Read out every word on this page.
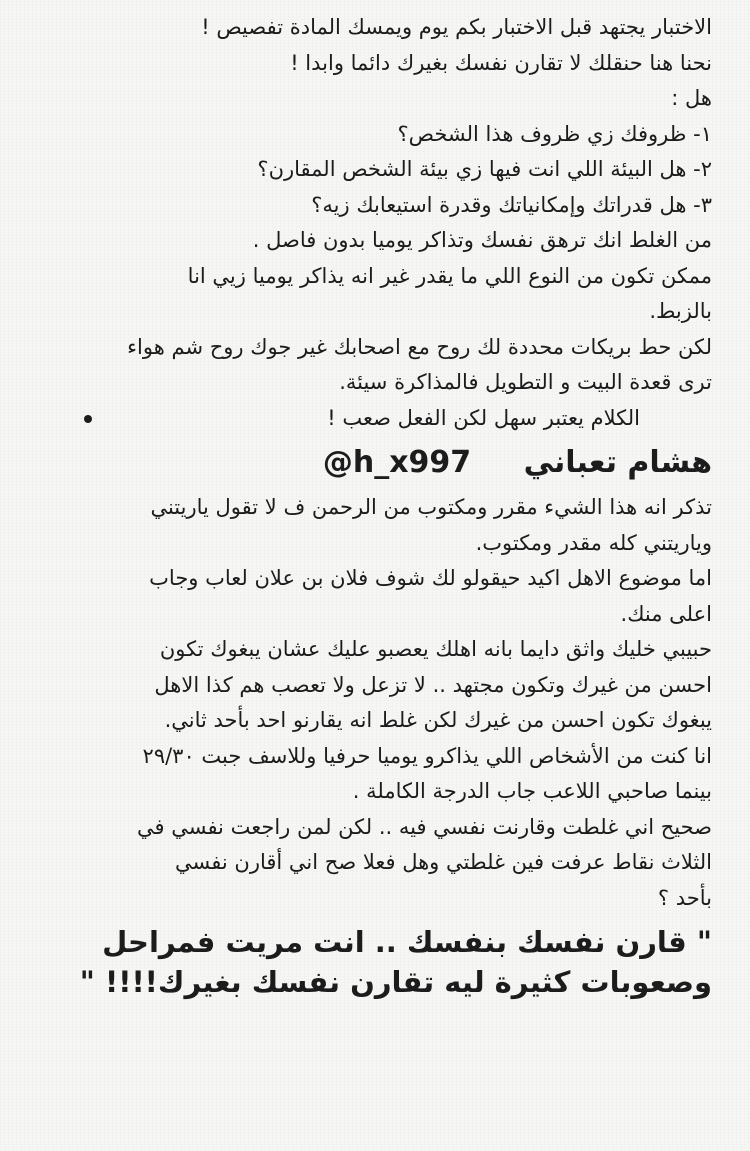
الاختبار يجتهد قبل الاختبار بكم يوم ويمسك المادة تفصيص !

نحنا هنا حنقلك لا تقارن نفسك بغيرك دائما وابدا !

هل :

١- ظروفك زي ظروف هذا الشخص؟

٢- هل البيئة اللي انت فيها زي بيئة الشخص المقارن؟

٣- هل قدراتك وإمكانياتك وقدرة استيعابك زيه؟

من الغلط انك ترهق نفسك وتذاكر يوميا بدون فاصل .

ممكن تكون من النوع اللي ما يقدر غير انه يذاكر يوميا زيي انا

بالزبط.

لكن حط بريكات محددة لك روح مع اصحابك غير جوك روح شم هواء

ترى قعدة البيت و التطويل فالمذاكرة سيئة.

الكلام يعتبر سهل لكن الفعل صعب !
هشام تعباني @h_x997

تذكر انه هذا الشيء مقرر ومكتوب من الرحمن ف لا تقول ياريتني

وياريتني كله مقدر ومكتوب.

اما موضوع الاهل اكيد حيقولو لك شوف فلان بن علان لعاب وجاب

اعلى منك.

حبيبي خليك واثق دايما بانه اهلك يعصبو عليك عشان يبغوك تكون

احسن من غيرك وتكون مجتهد .. لا تزعل ولا تعصب هم كذا الاهل

يبغوك تكون احسن من غيرك لكن غلط انه يقارنو احد بأحد ثاني.

انا كنت من الأشخاص اللي يذاكرو يوميا حرفيا وللاسف جبت ٢٩/٣٠

بينما صاحبي اللاعب جاب الدرجة الكاملة .

صحيح اني غلطت وقارنت نفسي فيه .. لكن لمن راجعت نفسي في

الثلاث نقاط عرفت فين غلطتي وهل فعلا صح اني أقارن نفسي

بأحد ؟

" قارن نفسك بنفسك .. انت مريت فمراحل

وصعوبات كثيرة ليه تقارن نفسك بغيرك!!!! "
